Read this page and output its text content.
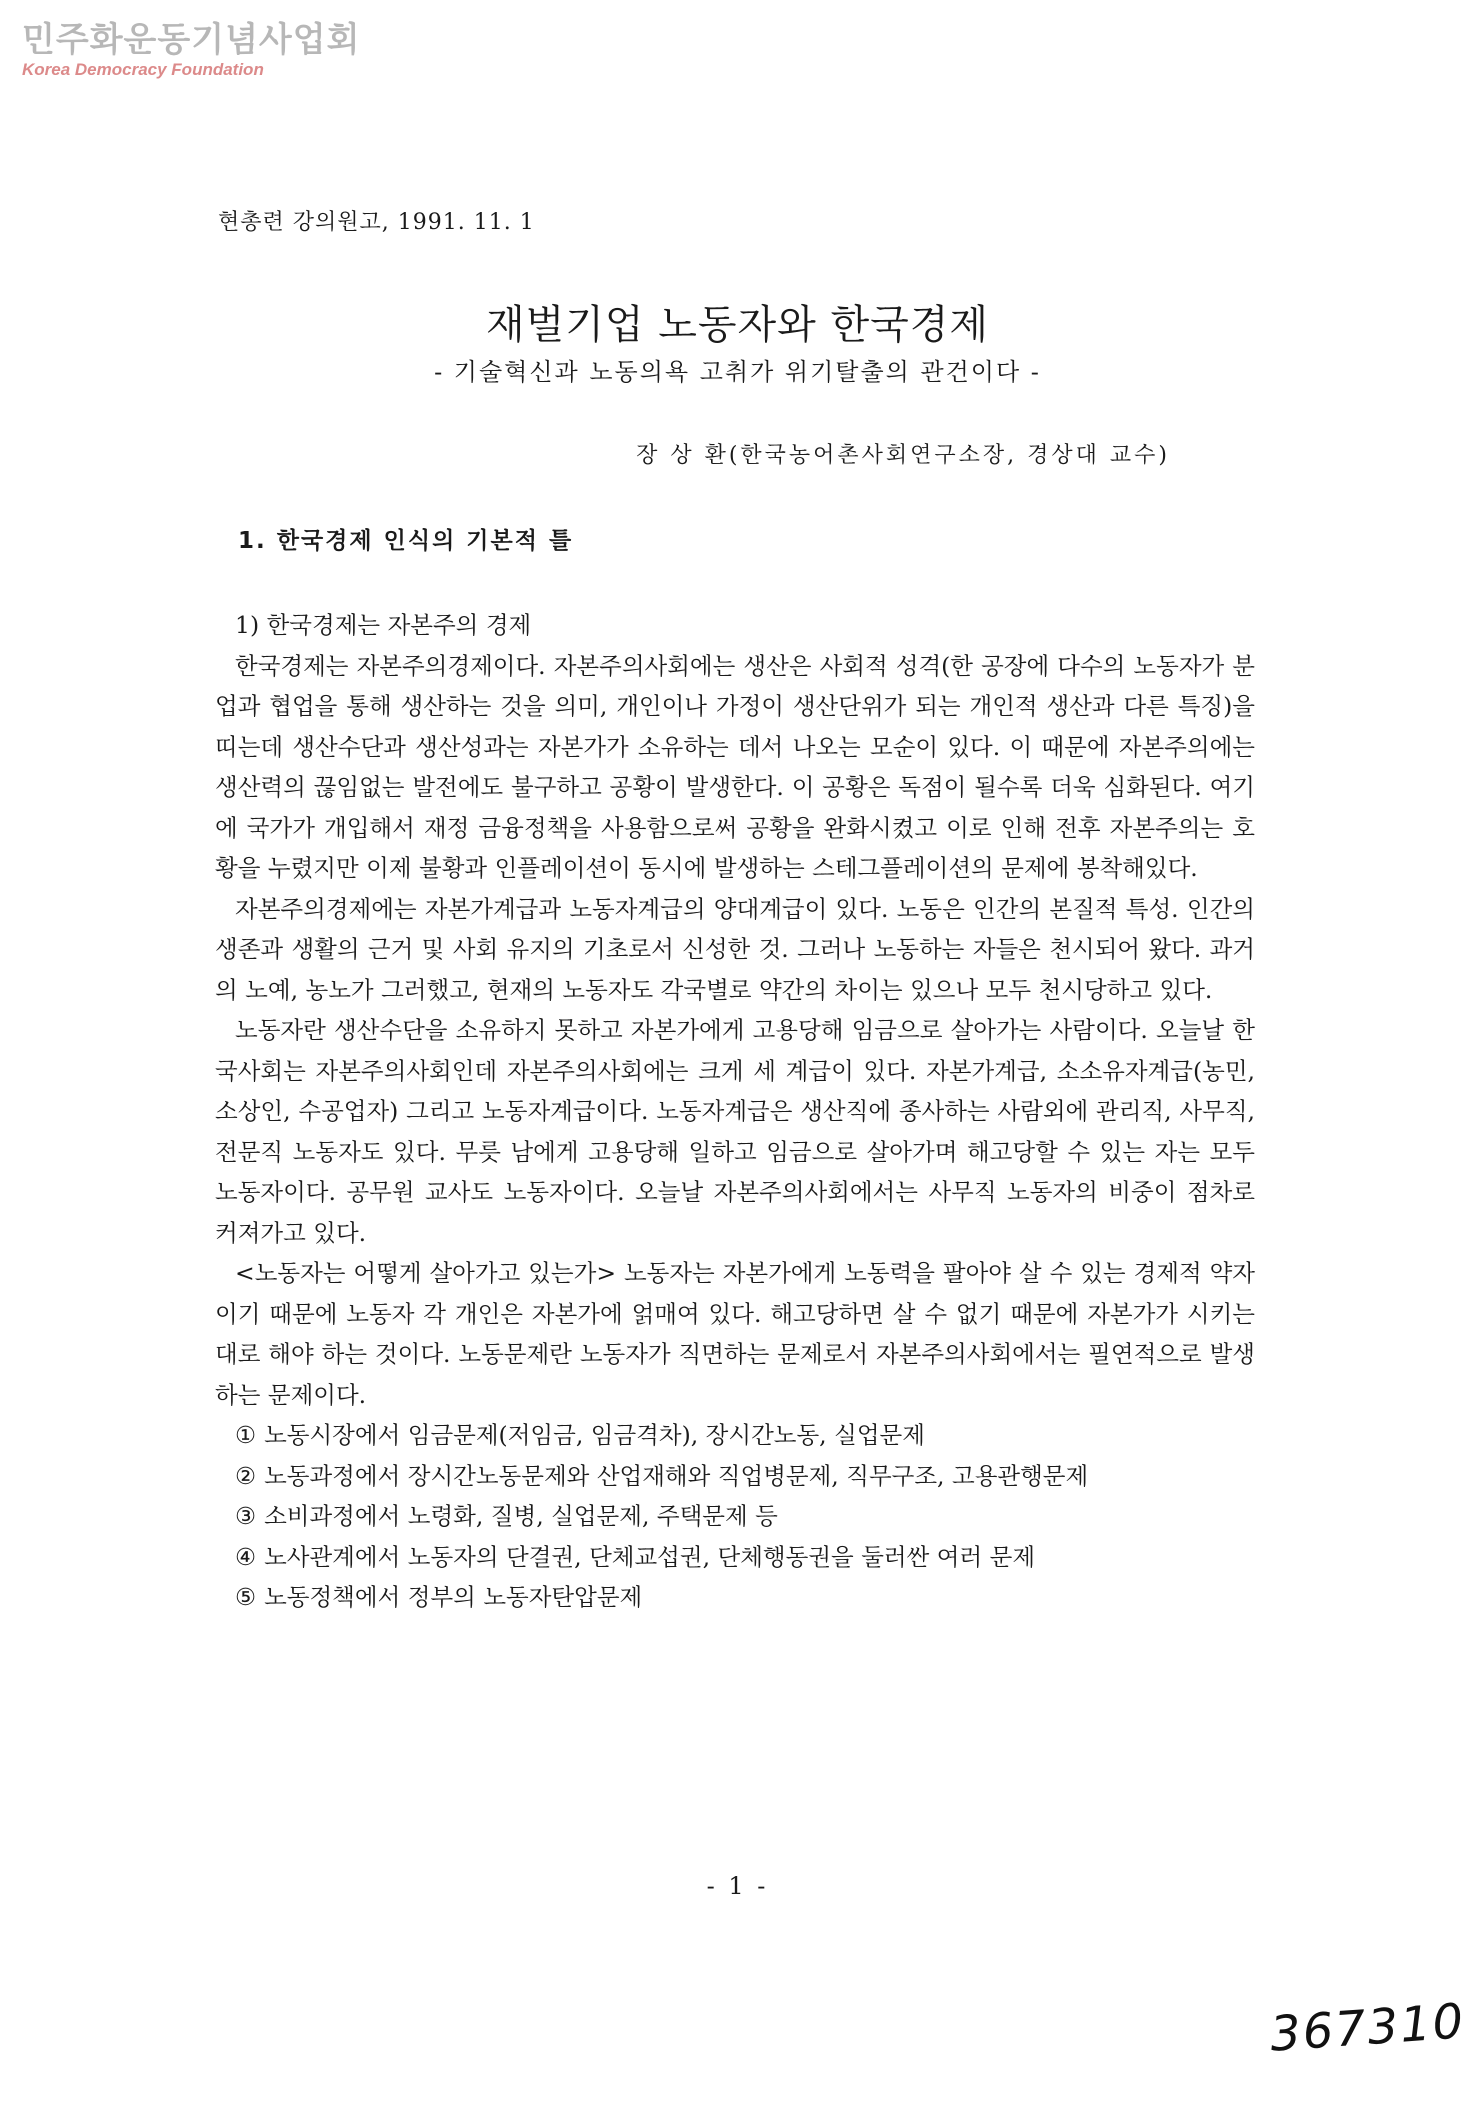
민주화운동기념사업회
Korea Democracy Foundation
현총련 강의원고, 1991. 11. 1
재벌기업 노동자와 한국경제
- 기술혁신과 노동의욕 고취가 위기탈출의 관건이다 -
장 상 환(한국농어촌사회연구소장, 경상대 교수)
1. 한국경제 인식의 기본적 틀

1) 한국경제는 자본주의 경제

한국경제는 자본주의경제이다. 자본주의사회에는 생산은 사회적 성격(한 공장에 다수의 노동자가 분업과 협업을 통해 생산하는 것을 의미, 개인이나 가정이 생산단위가 되는 개인적 생산과 다른 특징)을 띠는데 생산수단과 생산성과는 자본가가 소유하는 데서 나오는 모순이 있다. 이 때문에 자본주의에는 생산력의 끊임없는 발전에도 불구하고 공황이 발생한다. 이 공황은 독점이 될수록 더욱 심화된다. 여기에 국가가 개입해서 재정 금융정책을 사용함으로써 공황을 완화시켰고 이로 인해 전후 자본주의는 호황을 누렸지만 이제 불황과 인플레이션이 동시에 발생하는 스테그플레이션의 문제에 봉착해있다.

자본주의경제에는 자본가계급과 노동자계급의 양대계급이 있다. 노동은 인간의 본질적 특성. 인간의 생존과 생활의 근거 및 사회 유지의 기초로서 신성한 것. 그러나 노동하는 자들은 천시되어 왔다. 과거의 노예, 농노가 그러했고, 현재의 노동자도 각국별로 약간의 차이는 있으나 모두 천시당하고 있다.

노동자란 생산수단을 소유하지 못하고 자본가에게 고용당해 임금으로 살아가는 사람이다. 오늘날 한국사회는 자본주의사회인데 자본주의사회에는 크게 세 계급이 있다. 자본가계급, 소소유자계급(농민, 소상인, 수공업자) 그리고 노동자계급이다. 노동자계급은 생산직에 종사하는 사람외에 관리직, 사무직, 전문직 노동자도 있다. 무릇 남에게 고용당해 일하고 임금으로 살아가며 해고당할 수 있는 자는 모두 노동자이다. 공무원 교사도 노동자이다. 오늘날 자본주의사회에서는 사무직 노동자의 비중이 점차로 커져가고 있다.

<노동자는 어떻게 살아가고 있는가> 노동자는 자본가에게 노동력을 팔아야 살 수 있는 경제적 약자이기 때문에 노동자 각 개인은 자본가에 얽매여 있다. 해고당하면 살 수 없기 때문에 자본가가 시키는 대로 해야 하는 것이다. 노동문제란 노동자가 직면하는 문제로서 자본주의사회에서는 필연적으로 발생하는 문제이다.

① 노동시장에서 임금문제(저임금, 임금격차), 장시간노동, 실업문제
② 노동과정에서 장시간노동문제와 산업재해와 직업병문제, 직무구조, 고용관행문제
③ 소비과정에서 노령화, 질병, 실업문제, 주택문제 등
④ 노사관계에서 노동자의 단결권, 단체교섭권, 단체행동권을 둘러싼 여러 문제
⑤ 노동정책에서 정부의 노동자탄압문제
- 1 -
367310
